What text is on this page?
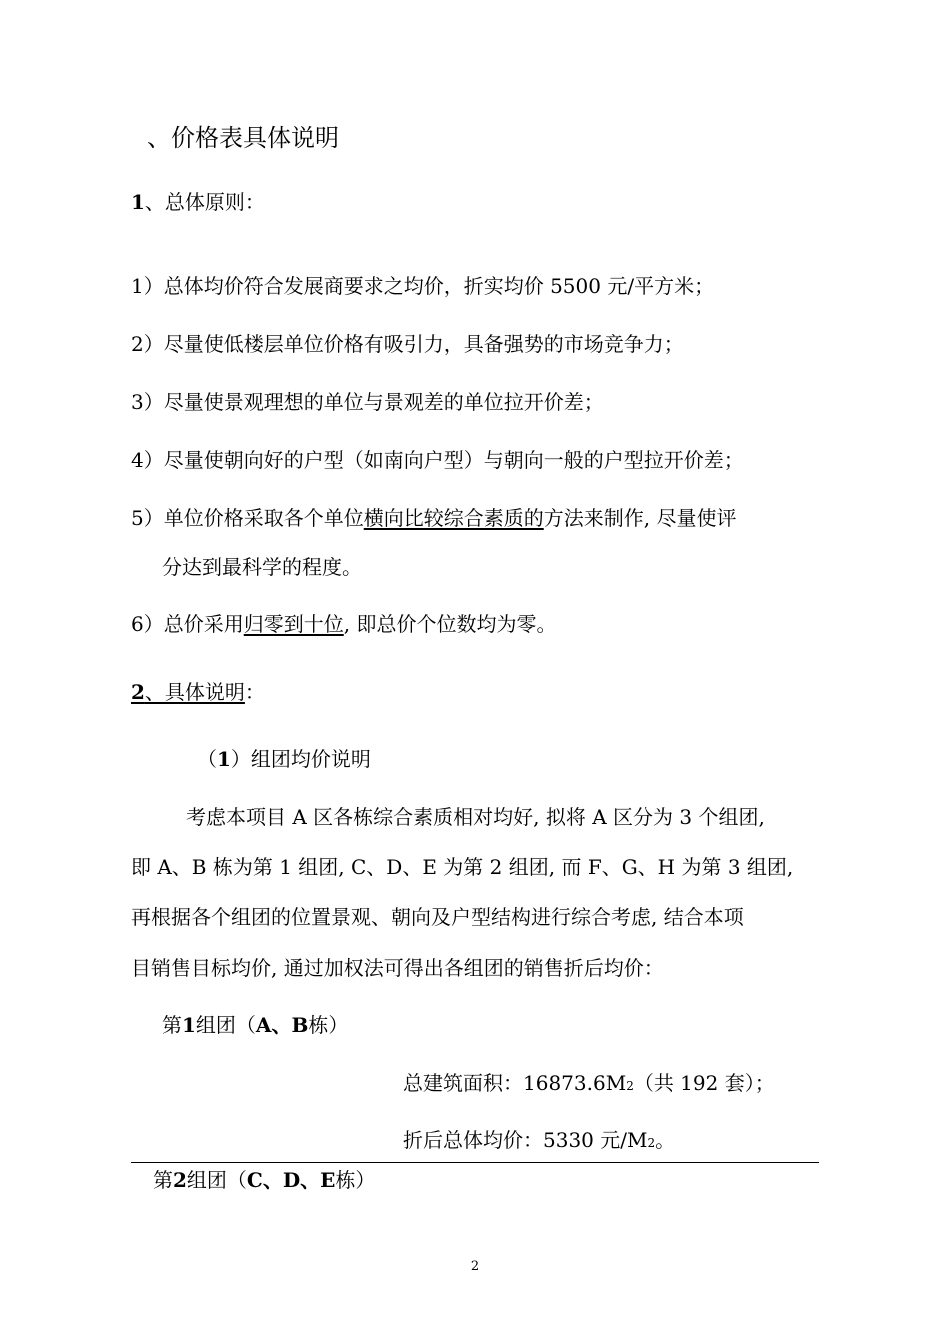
、价格表具体说明
1、总体原则：
1）总体均价符合发展商要求之均价，折实均价 5500 元/平方米；
2）尽量使低楼层单位价格有吸引力，具备强势的市场竞争力；
3）尽量使景观理想的单位与景观差的单位拉开价差；
4）尽量使朝向好的户型（如南向户型）与朝向一般的户型拉开价差；
5）单位价格采取各个单位横向比较综合素质的方法来制作, 尽量使评
分达到最科学的程度。
6）总价采用归零到十位, 即总价个位数均为零。
2、具体说明：
（1）组团均价说明
考虑本项目 A 区各栋综合素质相对均好, 拟将 A 区分为 3 个组团,
即 A、B 栋为第 1 组团, C、D、E 为第 2 组团, 而 F、G、H 为第 3 组团,
再根据各个组团的位置景观、朝向及户型结构进行综合考虑, 结合本项
目销售目标均价, 通过加权法可得出各组团的销售折后均价：
第1组团（A、B栋）
总建筑面积：16873.6M2（共 192 套）；
折后总体均价：5330 元/M2。
第2组团（C、D、E栋）
2
